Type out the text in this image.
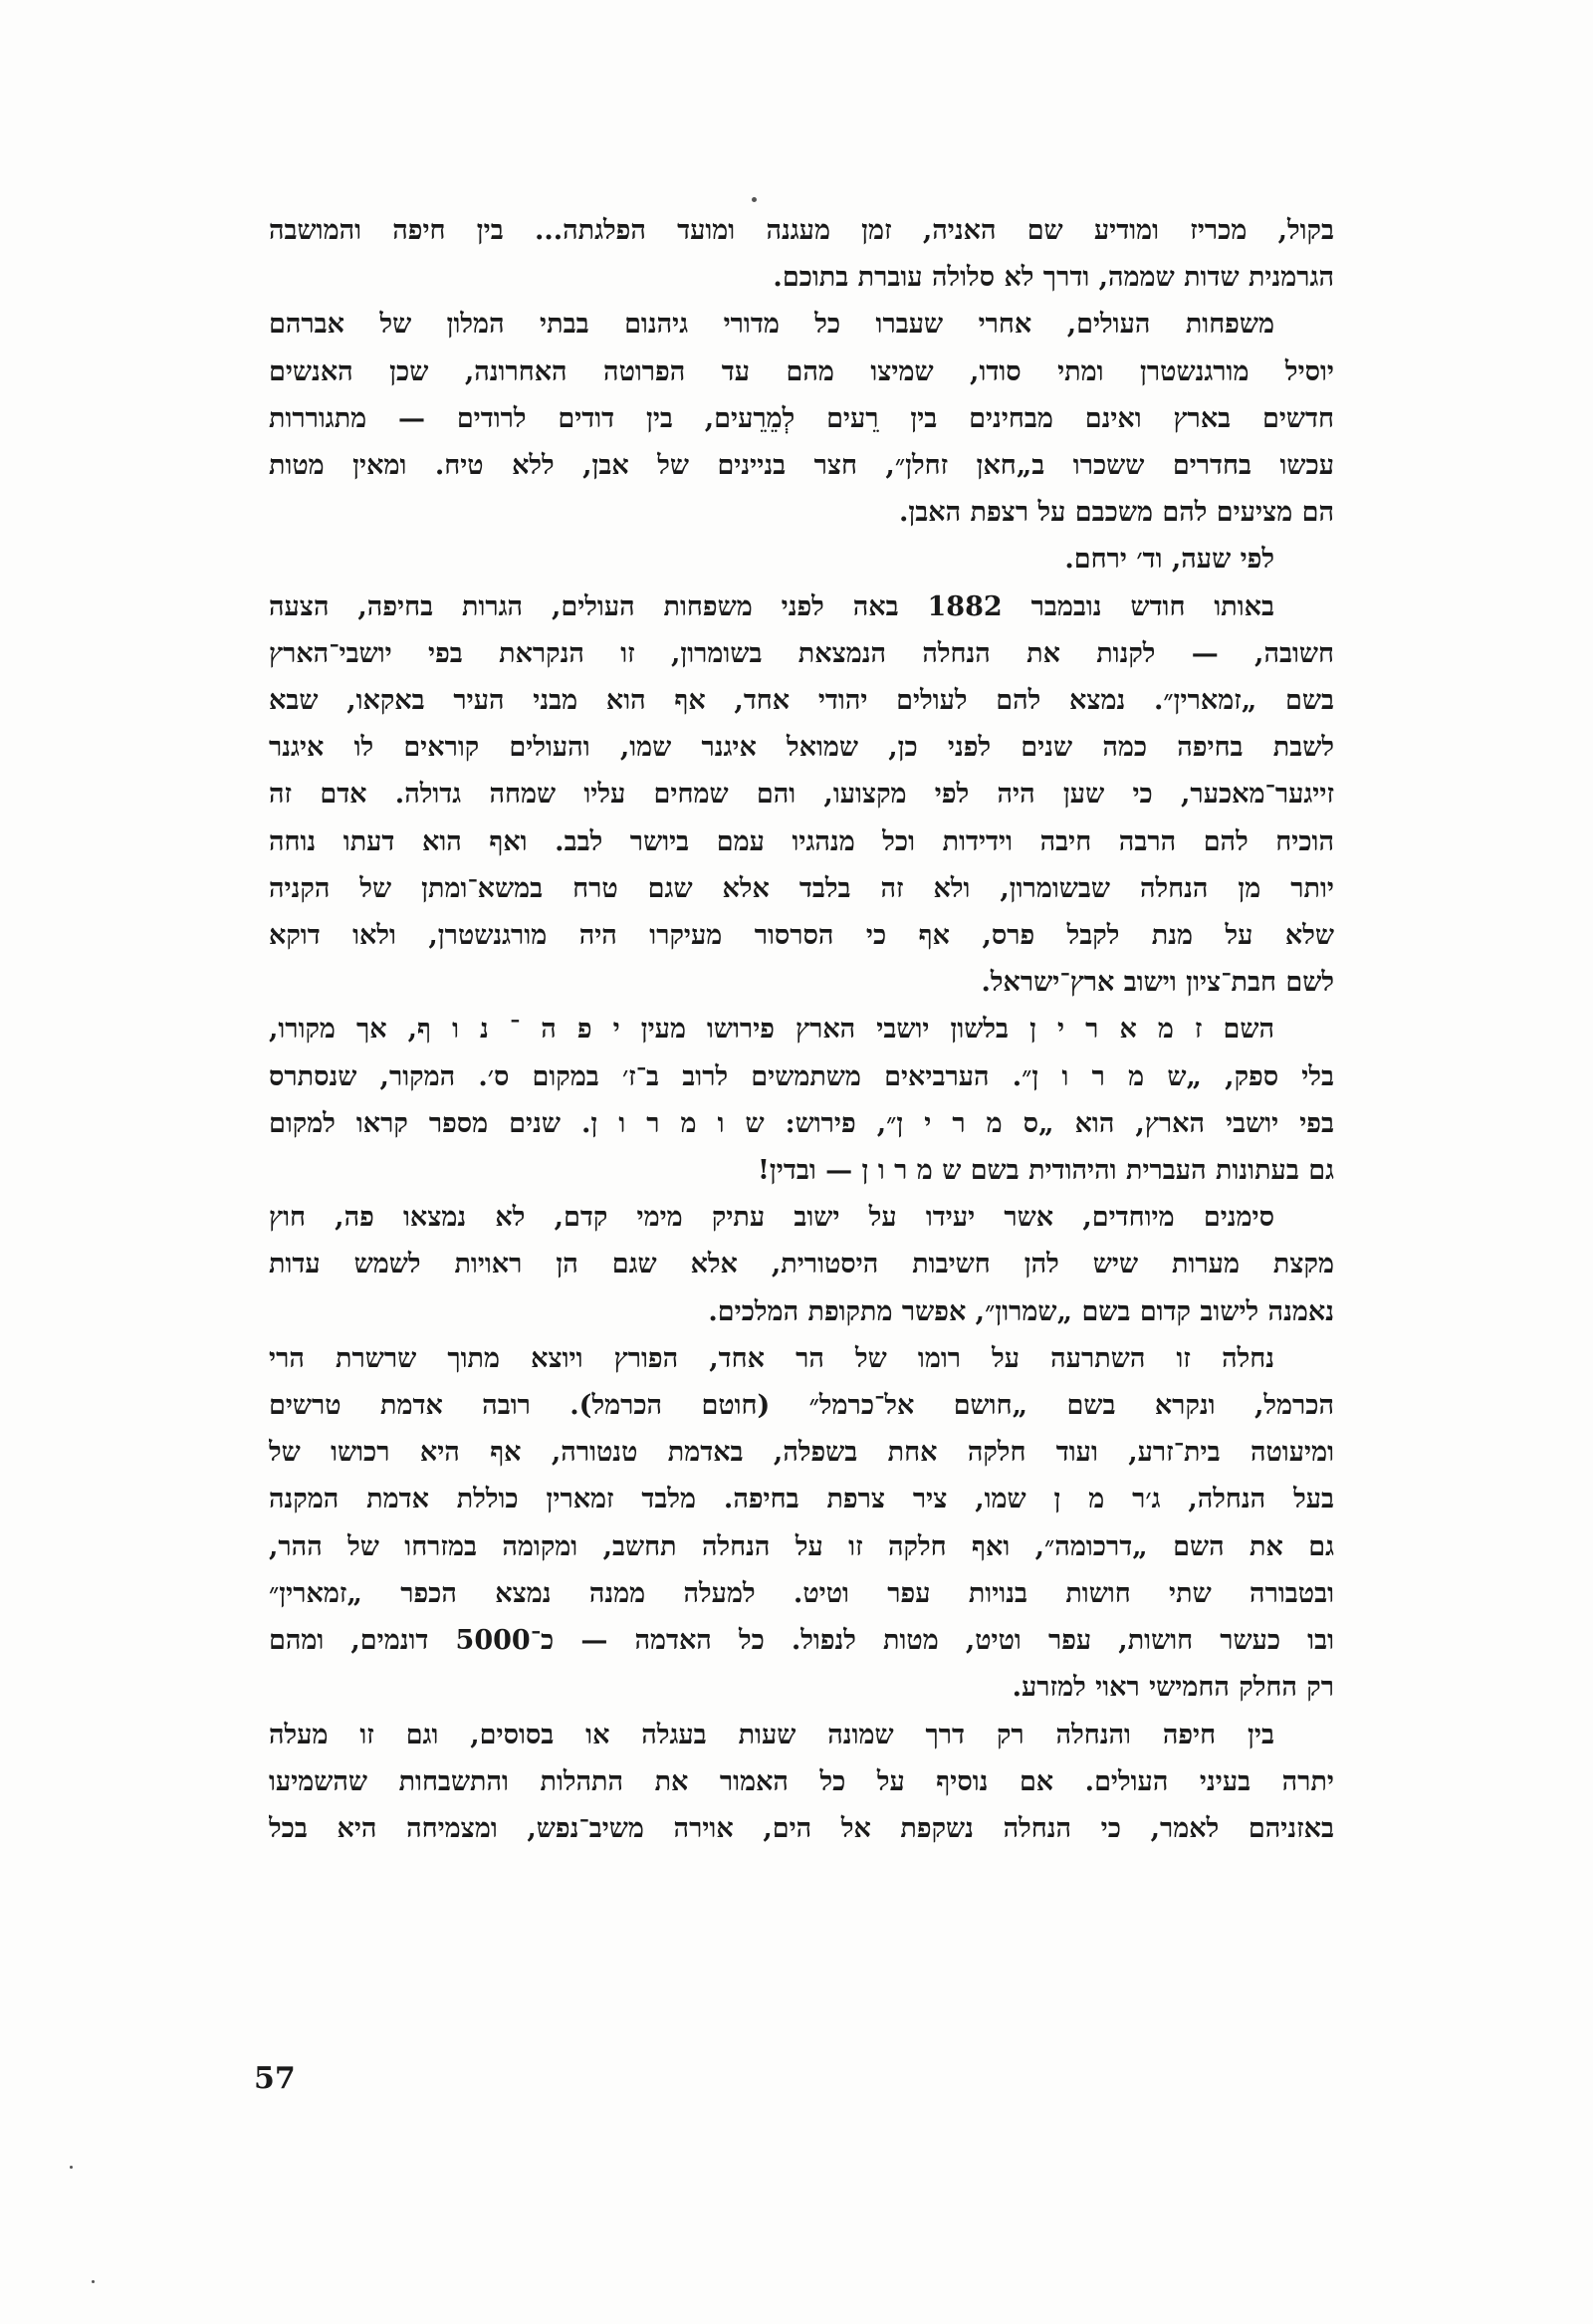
בקול, מכריז ומודיע שם האניה, זמן מעגנה ומועד הפלגתה... בין חיפה והמושבה
הגרמנית שדות שממה, ודרך לא סלולה עוברת בתוכם.
משפחות העולים, אחרי שעברו כל מדורי גיהנום בבתי המלון של אברהם
יוסיל מורגנשטרן ומתי סודו, שמיצו מהם עד הפרוטה האחרונה, שכן האנשים
חדשים בארץ ואינם מבחינים בין רֵעים לְמֵרֵעים, בין דודים לרודים — מתגוררות
עכשו בחדרים ששכרו ב„חאן זחלן״, חצר בניינים של אבן, ללא טיח. ומאין מטות
הם מציעים להם משכבם על רצפת האבן.
לפי שעה, וד׳ ירחם.
באותו חודש נובמבר 1882 באה לפני משפחות העולים, הגרות בחיפה, הצעה
חשובה, — לקנות את הנחלה הנמצאת בשומרון, זו הנקראת בפי יושבי־הארץ
בשם „זמארין״. נמצא להם לעולים יהודי אחד, אף הוא מבני העיר באקאו, שבא
לשבת בחיפה כמה שנים לפני כן, שמואל איגנר שמו, והעולים קוראים לו איגנר
זייגער־מאכער, כי שען היה לפי מקצועו, והם שמחים עליו שמחה גדולה. אדם זה
הוכיח להם הרבה חיבה וידידות וכל מנהגיו עמם ביושר לבב. ואף הוא דעתו נוחה
יותר מן הנחלה שבשומרון, ולא זה בלבד אלא שגם טרח במשא־ומתן של הקניה
שלא על מנת לקבל פרס, אף כי הסרסור מעיקרו היה מורגנשטרן, ולאו דוקא
לשם חבת־ציון וישוב ארץ־ישראל.
השם ז מ א ר י ן בלשון יושבי הארץ פירושו מעין י פ ה ־ נ ו ף, אך מקורו,
בלי ספק, „ש מ ר ו ן״. הערביאים משתמשים לרוב ב־ז׳ במקום ס׳. המקור, שנסתרס
בפי יושבי הארץ, הוא „ס מ ר י ן״, פירוש: ש ו מ ר ו ן. שנים מספר קראו למקום
גם בעתונות העברית והיהודית בשם ש מ ר ו ן — ובדין!
סימנים מיוחדים, אשר יעידו על ישוב עתיק מימי קדם, לא נמצאו פה, חוץ
מקצת מערות שיש להן חשיבות היסטורית, אלא שגם הן ראויות לשמש עדות
נאמנה לישוב קדום בשם „שמרון״, אפשר מתקופת המלכים.
נחלה זו השתרעה על רומו של הר אחד, הפורץ ויוצא מתוך שרשרת הרי
הכרמל, ונקרא בשם „חושם אל־כרמל״ (חוטם הכרמל). רובה אדמת טרשים
ומיעוטה בית־זרע, ועוד חלקה אחת בשפלה, באדמת טנטורה, אף היא רכושו של
בעל הנחלה, ג׳ר מ ן שמו, ציר צרפת בחיפה. מלבד זמארין כוללת אדמת המקנה
גם את השם „דרכומה״, ואף חלקה זו על הנחלה תחשב, ומקומה במזרחו של ההר,
ובטבורה שתי חושות בנויות עפר וטיט. למעלה ממנה נמצא הכפר „זמארין״
ובו כעשר חושות, עפר וטיט, מטות לנפול. כל האדמה — כ־5000 דונמים, ומהם
רק החלק החמישי ראוי למזרע.
בין חיפה והנחלה רק דרך שמונה שעות בעגלה או בסוסים, וגם זו מעלה
יתרה בעיני העולים. אם נוסיף על כל האמור את התהלות והתשבחות שהשמיעו
באזניהם לאמר, כי הנחלה נשקפת אל הים, אוירה משיב־נפש, ומצמיחה היא בכל
57
